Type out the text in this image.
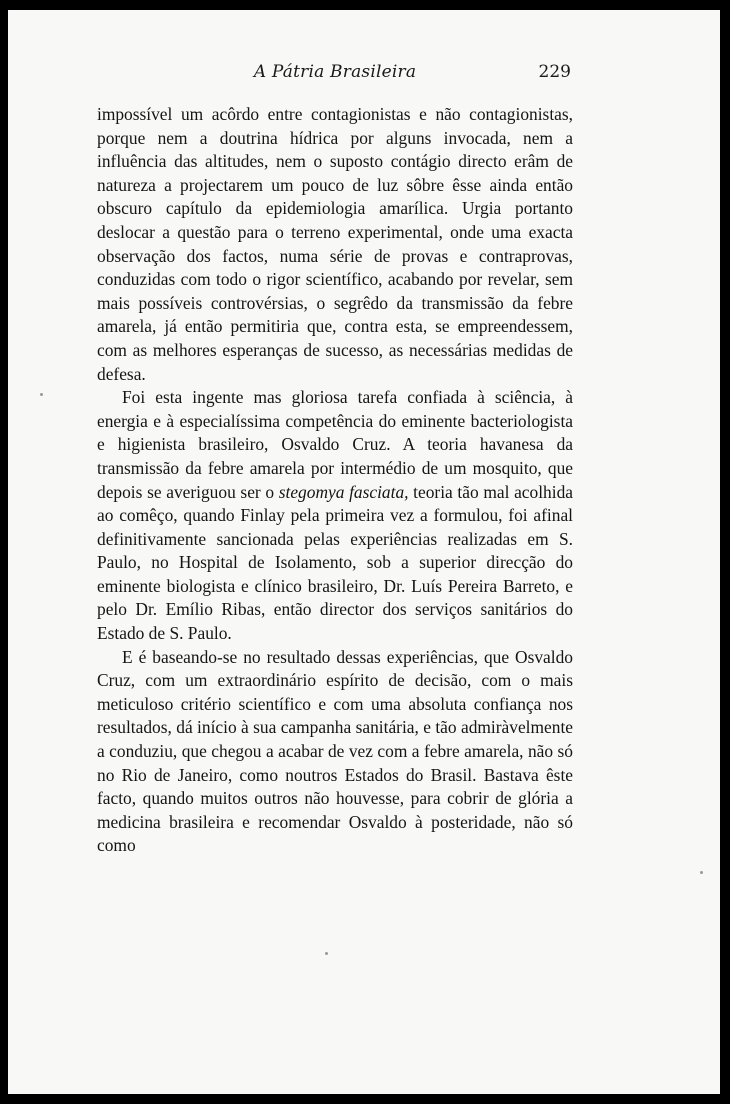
A Pátria Brasileira	229

impossível um acôrdo entre contagionistas e não contagionistas, porque nem a doutrina hídrica por alguns invocada, nem a influência das altitudes, nem o suposto contágio directo erâm de natureza a projectarem um pouco de luz sôbre êsse ainda então obscuro capítulo da epidemiologia amarílica. Urgia portanto deslocar a questão para o terreno experimental, onde uma exacta observação dos factos, numa série de provas e contraprovas, conduzidas com todo o rigor scientífico, acabando por revelar, sem mais possíveis controvérsias, o segrêdo da transmissão da febre amarela, já então permitiria que, contra esta, se empreendessem, com as melhores esperanças de sucesso, as necessárias medidas de defesa.

Foi esta ingente mas gloriosa tarefa confiada à sciência, à energia e à especialíssima competência do eminente bacteriologista e higienista brasileiro, Osvaldo Cruz. A teoria havanesa da transmissão da febre amarela por intermédio de um mosquito, que depois se averiguou ser o stegomya fasciata, teoria tão mal acolhida ao comêço, quando Finlay pela primeira vez a formulou, foi afinal definitivamente sancionada pelas experiências realizadas em S. Paulo, no Hospital de Isolamento, sob a superior direcção do eminente biologista e clínico brasileiro, Dr. Luís Pereira Barreto, e pelo Dr. Emílio Ribas, então director dos serviços sanitários do Estado de S. Paulo.

E é baseando-se no resultado dessas experiências, que Osvaldo Cruz, com um extraordinário espírito de decisão, com o mais meticuloso critério scientífico e com uma absoluta confiança nos resultados, dá início à sua campanha sanitária, e tão admiràvelmente a conduziu, que chegou a acabar de vez com a febre amarela, não só no Rio de Janeiro, como noutros Estados do Brasil. Bastava êste facto, quando muitos outros não houvesse, para cobrir de glória a medicina brasileira e recomendar Osvaldo à posteridade, não só como
